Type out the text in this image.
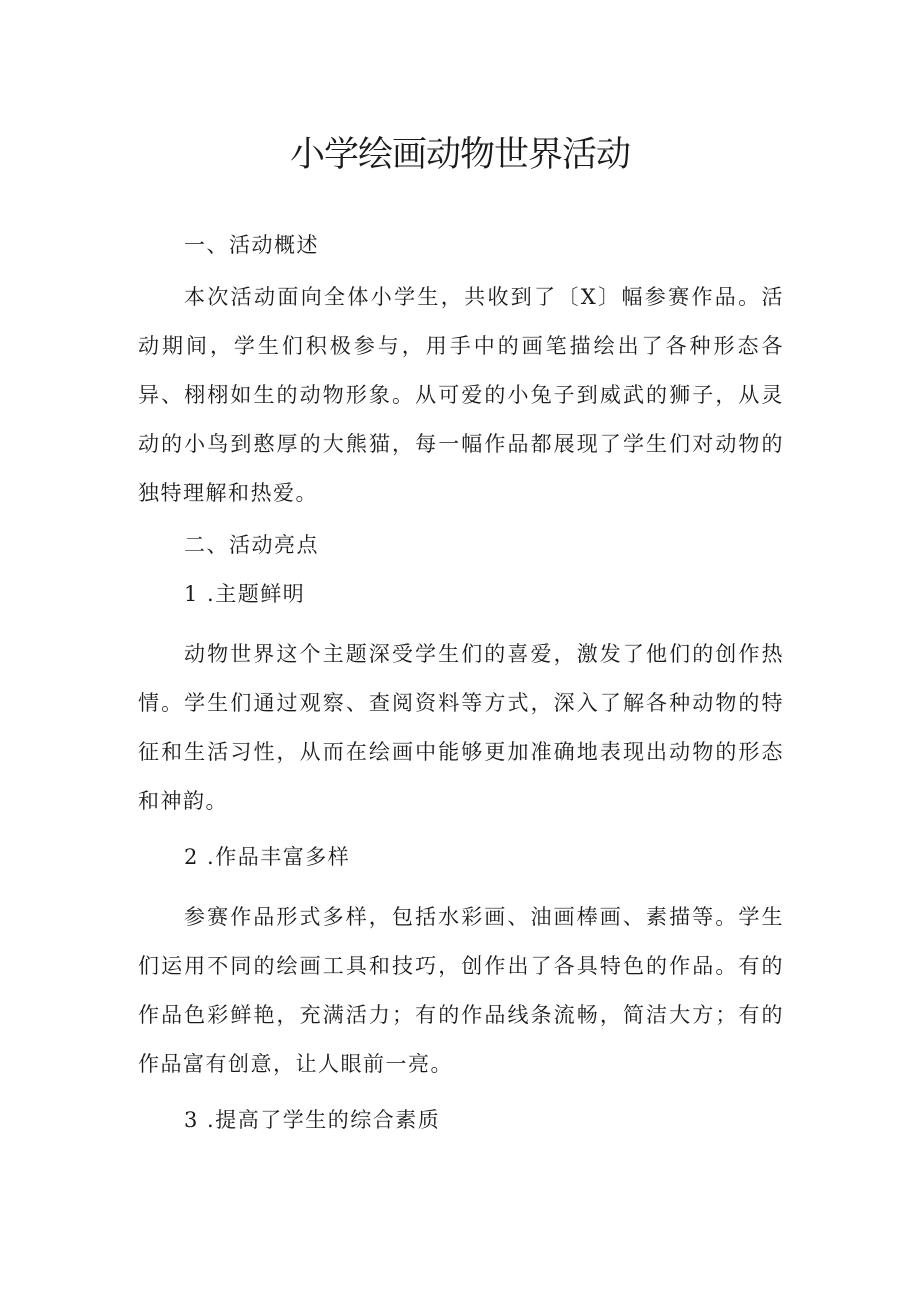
小学绘画动物世界活动

一、活动概述

本次活动面向全体小学生，共收到了〔X〕幅参赛作品。活动期间，学生们积极参与，用手中的画笔描绘出了各种形态各异、栩栩如生的动物形象。从可爱的小兔子到威武的狮子，从灵动的小鸟到憨厚的大熊猫，每一幅作品都展现了学生们对动物的独特理解和热爱。

二、活动亮点

1 .主题鲜明

动物世界这个主题深受学生们的喜爱，激发了他们的创作热情。学生们通过观察、查阅资料等方式，深入了解各种动物的特征和生活习性，从而在绘画中能够更加准确地表现出动物的形态和神韵。

2 .作品丰富多样

参赛作品形式多样，包括水彩画、油画棒画、素描等。学生们运用不同的绘画工具和技巧，创作出了各具特色的作品。有的作品色彩鲜艳，充满活力；有的作品线条流畅，简洁大方；有的作品富有创意，让人眼前一亮。

3 .提高了学生的综合素质
